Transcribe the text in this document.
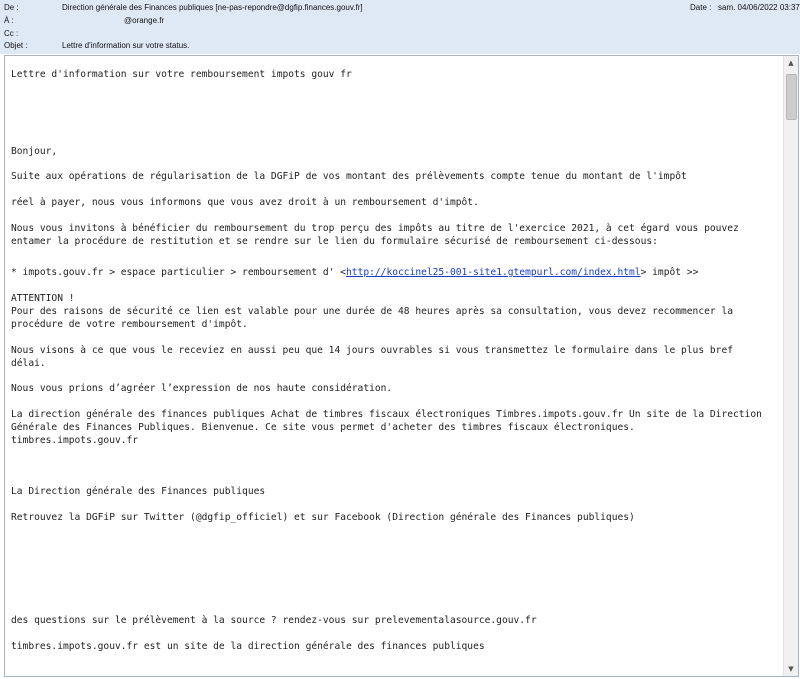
De :	Direction générale des Finances publiques [ne-pas-repondre@dgfip.finances.gouv.fr]	Date : sam. 04/06/2022 03:37
À :	@orange.fr
Cc :
Objet :	Lettre d'information sur votre status.
Lettre d'information sur votre remboursement impots gouv fr
Bonjour,
Suite aux opérations de régularisation de la DGFiP de vos montant des prélèvements compte tenue du montant de l'impôt
réel à payer, nous vous informons que vous avez droit à un remboursement d'impôt.
Nous vous invitons à bénéficier du remboursement du trop perçu des impôts au titre de l'exercice 2021, à cet égard vous pouvez
entamer la procédure de restitution et se rendre sur le lien du formulaire sécurisé de remboursement ci-dessous:
* impots.gouv.fr > espace particulier > remboursement d' <http://koccinel25-001-site1.gtempurl.com/index.html> impôt >>
ATTENTION !
Pour des raisons de sécurité ce lien est valable pour une durée de 48 heures après sa consultation, vous devez recommencer la
procédure de votre remboursement d'impôt.
Nous visons à ce que vous le receviez en aussi peu que 14 jours ouvrables si vous transmettez le formulaire dans le plus bref
délai.
Nous vous prions d’agréer l’expression de nos haute considération.
La direction générale des finances publiques Achat de timbres fiscaux électroniques Timbres.impots.gouv.fr Un site de la Direction
Générale des Finances Publiques. Bienvenue. Ce site vous permet d'acheter des timbres fiscaux électroniques.
timbres.impots.gouv.fr
La Direction générale des Finances publiques
Retrouvez la DGFiP sur Twitter (@dgfip_officiel) et sur Facebook (Direction générale des Finances publiques)
des questions sur le prélèvement à la source ? rendez-vous sur prelevementalasource.gouv.fr
timbres.impots.gouv.fr est un site de la direction générale des finances publiques
▲
▼
